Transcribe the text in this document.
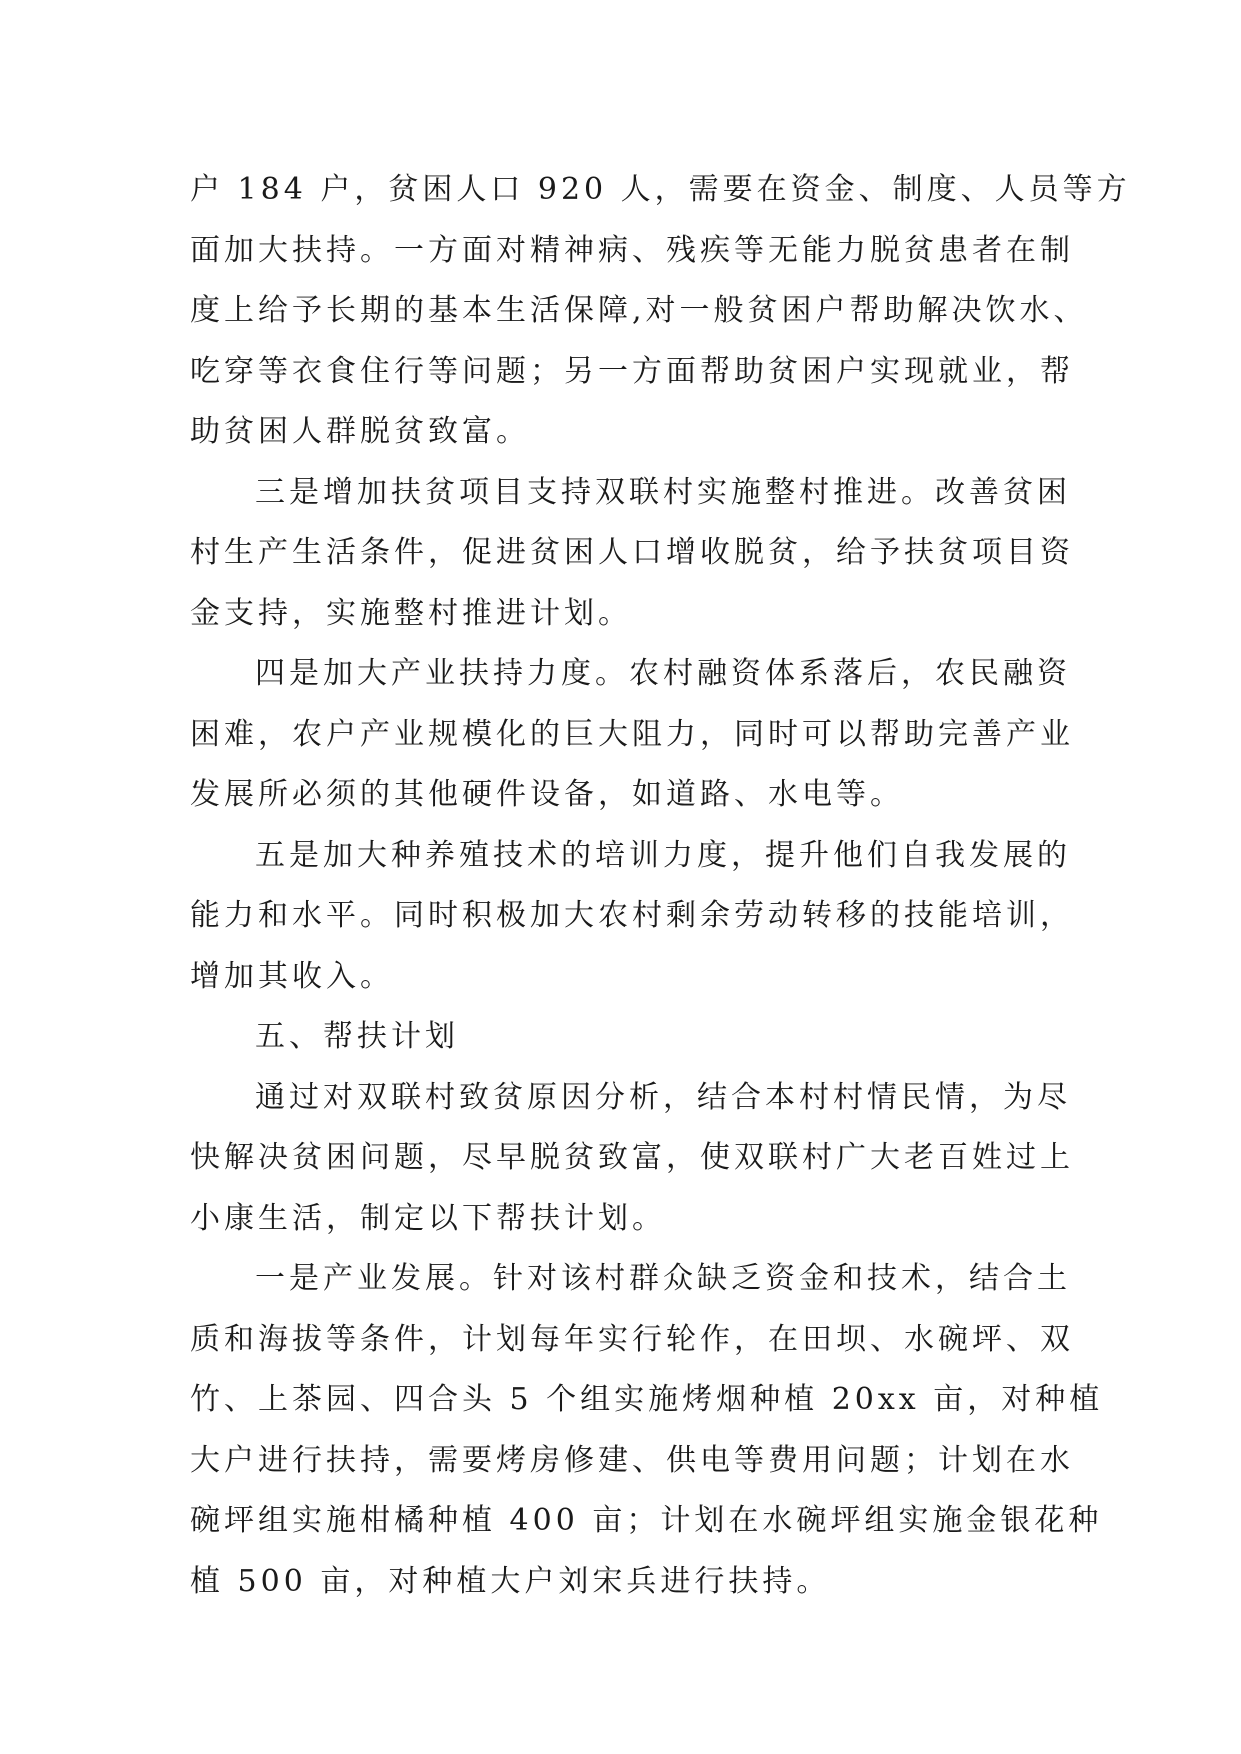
户 184 户，贫困人口 920 人，需要在资金、制度、人员等方
面加大扶持。一方面对精神病、残疾等无能力脱贫患者在制
度上给予长期的基本生活保障,对一般贫困户帮助解决饮水、
吃穿等衣食住行等问题；另一方面帮助贫困户实现就业，帮
助贫困人群脱贫致富。

三是增加扶贫项目支持双联村实施整村推进。改善贫困
村生产生活条件，促进贫困人口增收脱贫，给予扶贫项目资
金支持，实施整村推进计划。

四是加大产业扶持力度。农村融资体系落后，农民融资
困难，农户产业规模化的巨大阻力，同时可以帮助完善产业
发展所必须的其他硬件设备，如道路、水电等。

五是加大种养殖技术的培训力度，提升他们自我发展的
能力和水平。同时积极加大农村剩余劳动转移的技能培训，
增加其收入。

五、帮扶计划

通过对双联村致贫原因分析，结合本村村情民情，为尽
快解决贫困问题，尽早脱贫致富，使双联村广大老百姓过上
小康生活，制定以下帮扶计划。

一是产业发展。针对该村群众缺乏资金和技术，结合土
质和海拔等条件，计划每年实行轮作，在田坝、水碗坪、双
竹、上茶园、四合头 5 个组实施烤烟种植 20xx 亩，对种植
大户进行扶持，需要烤房修建、供电等费用问题；计划在水
碗坪组实施柑橘种植 400 亩；计划在水碗坪组实施金银花种
植 500 亩，对种植大户刘宋兵进行扶持。
